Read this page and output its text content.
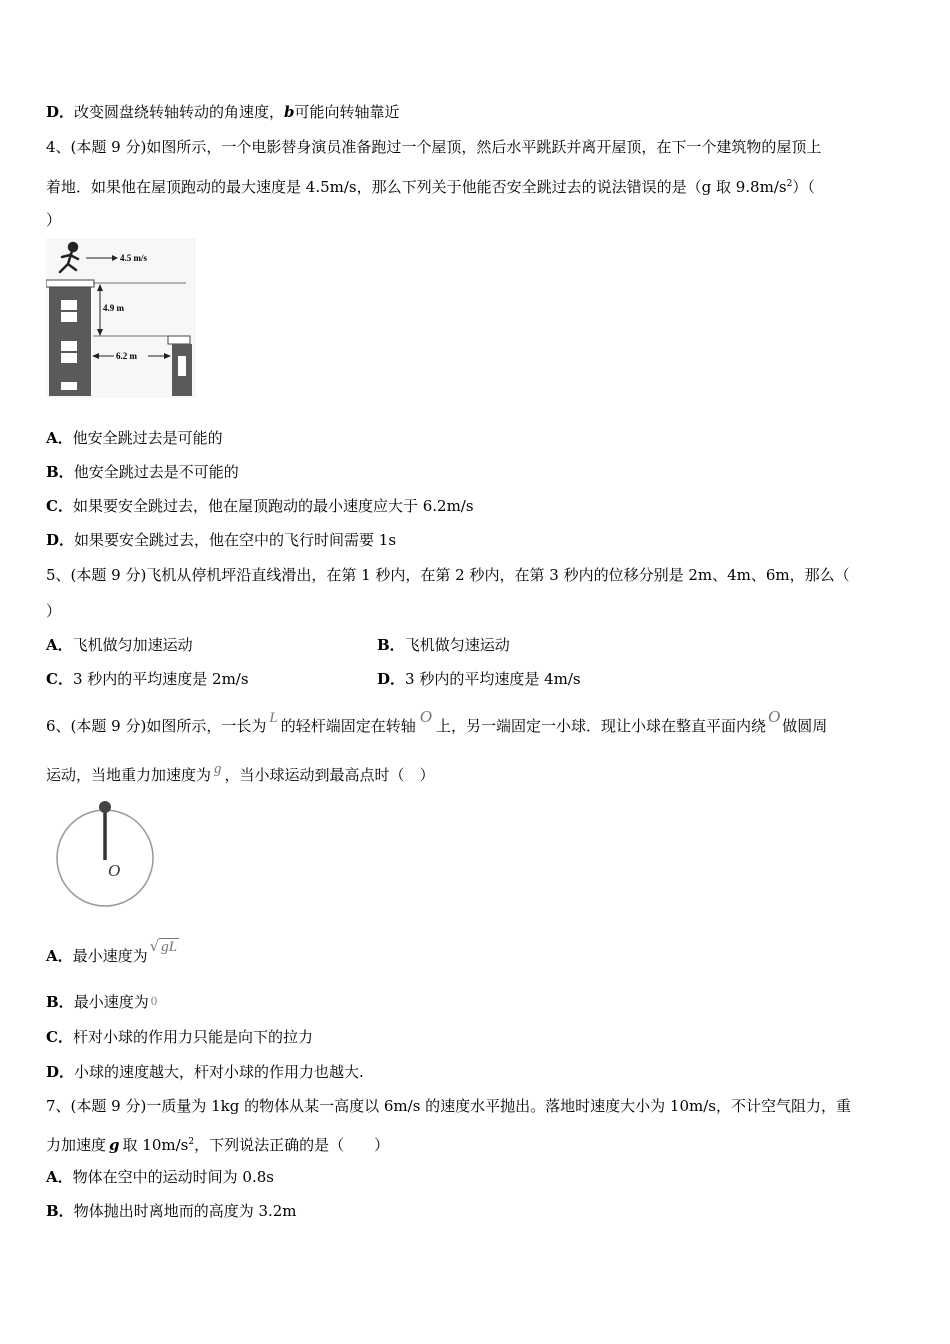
D．改变圆盘绕转轴转动的角速度，b可能向转轴靠近
4、(本题 9 分)如图所示，一个电影替身演员准备跑过一个屋顶，然后水平跳跃并离开屋顶，在下一个建筑物的屋顶上
着地．如果他在屋顶跑动的最大速度是 4.5m/s，那么下列关于他能否安全跳过去的说法错误的是（g 取 $9.8m/s^2$）（
）
4.5 m/s
4.9 m
6.2 m
A．他安全跳过去是可能的
B．他安全跳过去是不可能的
C．如果要安全跳过去，他在屋顶跑动的最小速度应大于 6.2m/s
D．如果要安全跳过去，他在空中的飞行时间需要 1s
5、(本题 9 分)飞机从停机坪沿直线滑出，在第 1 秒内，在第 2 秒内，在第 3 秒内的位移分别是 2m、4m、6m，那么（
）
A．飞机做匀加速运动	B．飞机做匀速运动
C．3 秒内的平均速度是 2m/s	D．3 秒内的平均速度是 4m/s
6、(本题 9 分)如图所示，一长为 L 的轻杆端固定在转轴 O 上，另一端固定一小球．现让小球在整直平面内绕 O 做圆周
运动，当地重力加速度为 g ，当小球运动到最高点时（　）
O
A．最小速度为√ gL
B．最小速度为 0
C．杆对小球的作用力只能是向下的拉力
D．小球的速度越大，杆对小球的作用力也越大.
7、(本题 9 分)一质量为 1kg 的物体从某一高度以 6m/s 的速度水平抛出。落地时速度大小为 10m/s，不计空气阻力，重
力加速度 g 取 $10m/s^2$，下列说法正确的是（　　）
A．物体在空中的运动时间为 0.8s
B．物体抛出时离地而的高度为 3.2m
